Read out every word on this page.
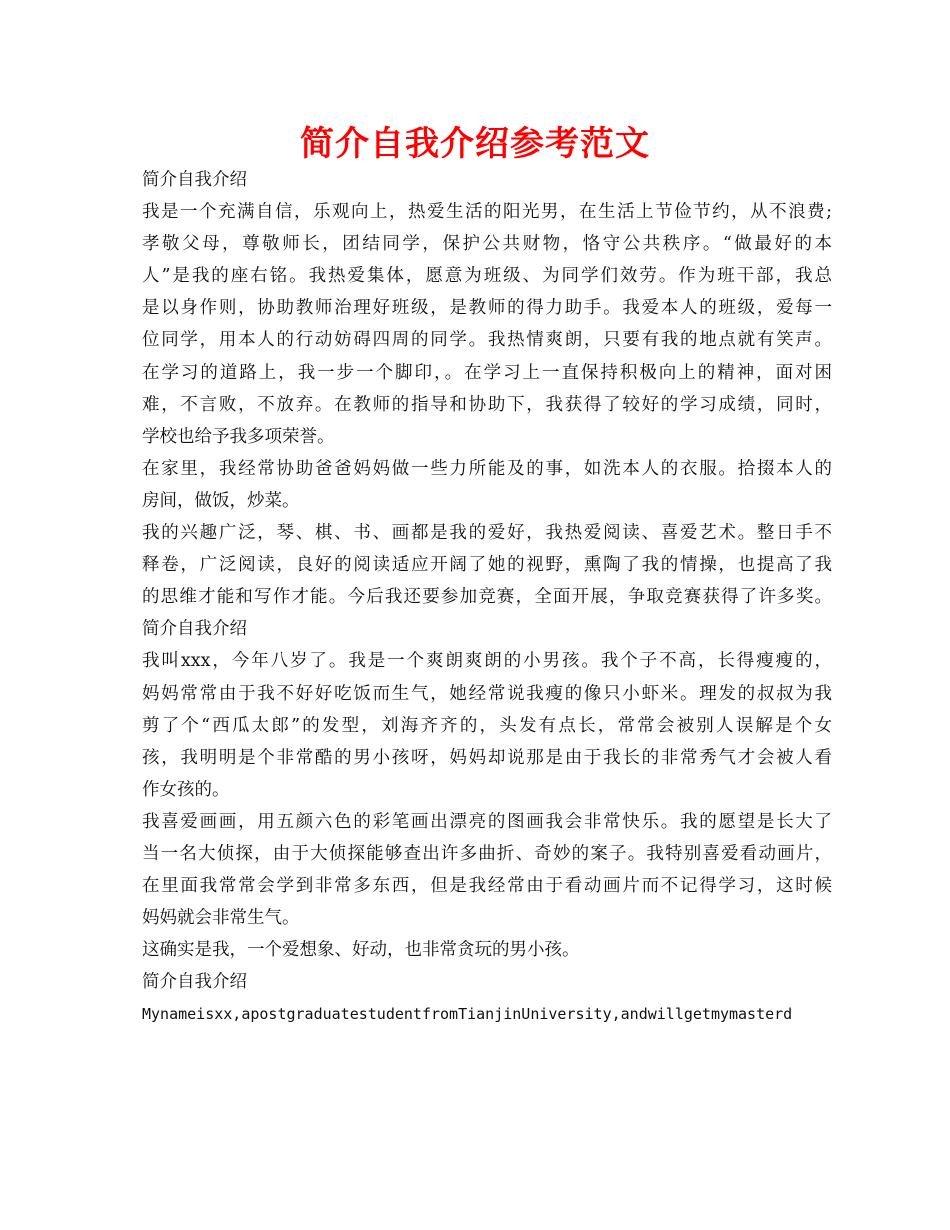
简介自我介绍参考范文
简介自我介绍
我是一个充满自信，乐观向上，热爱生活的阳光男，在生活上节俭节约，从不浪费;
孝敬父母，尊敬师长，团结同学，保护公共财物，恪守公共秩序。“做最好的本
人”是我的座右铭。我热爱集体，愿意为班级、为同学们效劳。作为班干部，我总
是以身作则，协助教师治理好班级，是教师的得力助手。我爱本人的班级，爱每一
位同学，用本人的行动妨碍四周的同学。我热情爽朗，只要有我的地点就有笑声。
在学习的道路上，我一步一个脚印，。在学习上一直保持积极向上的精神，面对困
难，不言败，不放弃。在教师的指导和协助下，我获得了较好的学习成绩，同时，
学校也给予我多项荣誉。
在家里，我经常协助爸爸妈妈做一些力所能及的事，如洗本人的衣服。拾掇本人的
房间，做饭，炒菜。
我的兴趣广泛，琴、棋、书、画都是我的爱好，我热爱阅读、喜爱艺术。整日手不
释卷，广泛阅读，良好的阅读适应开阔了她的视野，熏陶了我的情操，也提高了我
的思维才能和写作才能。今后我还要参加竞赛，全面开展，争取竞赛获得了许多奖。
简介自我介绍
我叫xxx，今年八岁了。我是一个爽朗爽朗的小男孩。我个子不高，长得瘦瘦的，
妈妈常常由于我不好好吃饭而生气，她经常说我瘦的像只小虾米。理发的叔叔为我
剪了个“西瓜太郎”的发型，刘海齐齐的，头发有点长，常常会被别人误解是个女
孩，我明明是个非常酷的男小孩呀，妈妈却说那是由于我长的非常秀气才会被人看
作女孩的。
我喜爱画画，用五颜六色的彩笔画出漂亮的图画我会非常快乐。我的愿望是长大了
当一名大侦探，由于大侦探能够查出许多曲折、奇妙的案子。我特别喜爱看动画片，
在里面我常常会学到非常多东西，但是我经常由于看动画片而不记得学习，这时候
妈妈就会非常生气。
这确实是我，一个爱想象、好动，也非常贪玩的男小孩。
简介自我介绍
Mynameisxx,apostgraduatestudentfromTianjinUniversity,andwillgetmymasterd
